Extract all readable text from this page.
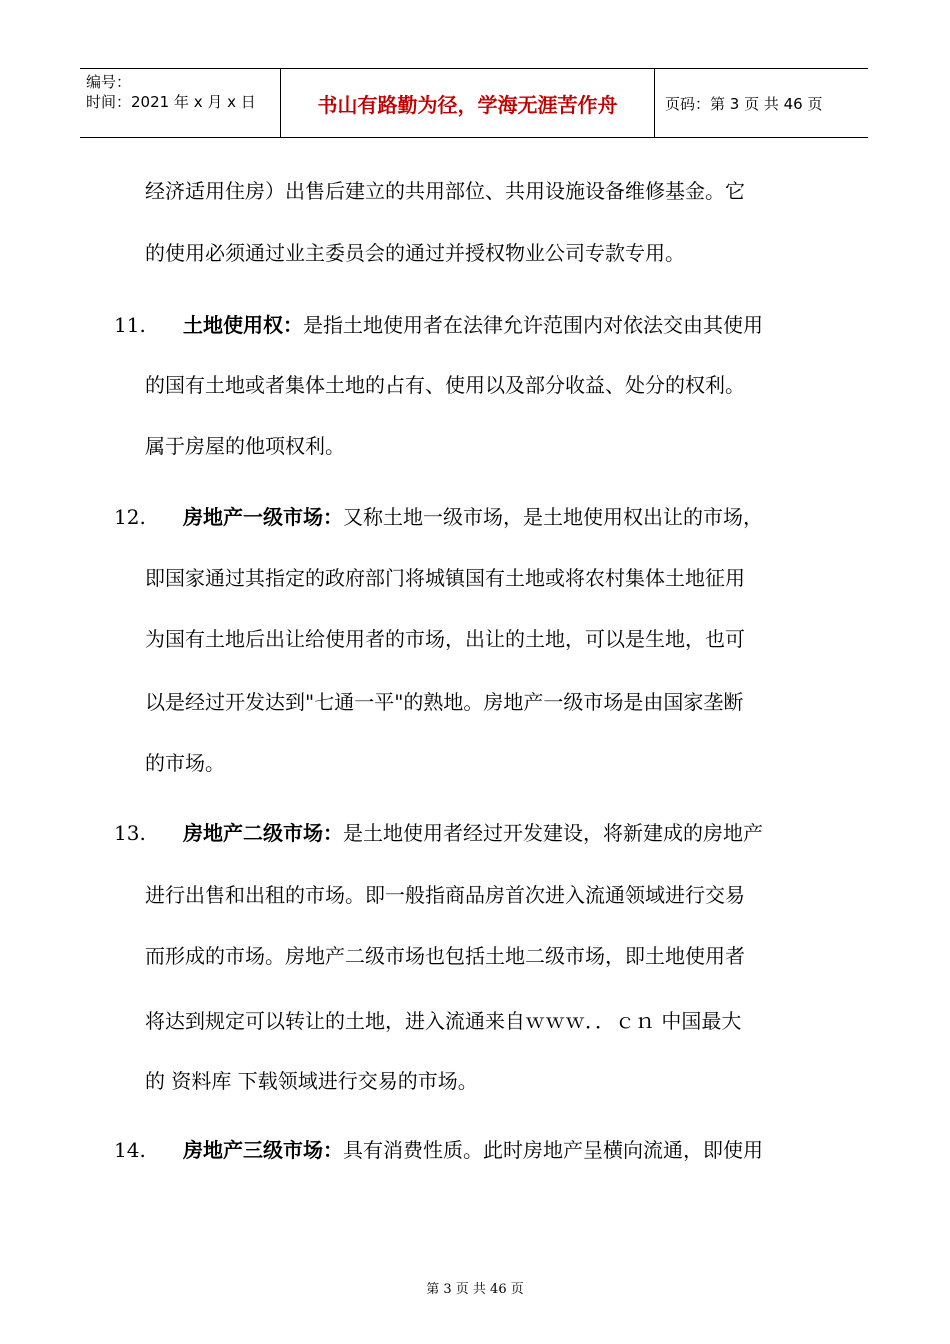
编号：
时间：2021 年 x 月 x 日	书山有路勤为径，学海无涯苦作舟	页码：第 3 页 共 46 页
经济适用住房）出售后建立的共用部位、共用设施设备维修基金。它
的使用必须通过业主委员会的通过并授权物业公司专款专用。
11.	土地使用权：是指土地使用者在法律允许范围内对依法交由其使用
的国有土地或者集体土地的占有、使用以及部分收益、处分的权利。
属于房屋的他项权利。
12.	房地产一级市场：又称土地一级市场，是土地使用权出让的市场，
即国家通过其指定的政府部门将城镇国有土地或将农村集体土地征用
为国有土地后出让给使用者的市场，出让的土地，可以是生地，也可
以是经过开发达到"七通一平"的熟地。房地产一级市场是由国家垄断
的市场。
13.	房地产二级市场：是土地使用者经过开发建设，将新建成的房地产
进行出售和出租的市场。即一般指商品房首次进入流通领域进行交易
而形成的市场。房地产二级市场也包括土地二级市场，即土地使用者
将达到规定可以转让的土地，进入流通来自ｗｗｗ．．ｃｎ 中国最大
的 资料库 下载领域进行交易的市场。
14.	房地产三级市场：具有消费性质。此时房地产呈横向流通，即使用
第 3 页 共 46 页
